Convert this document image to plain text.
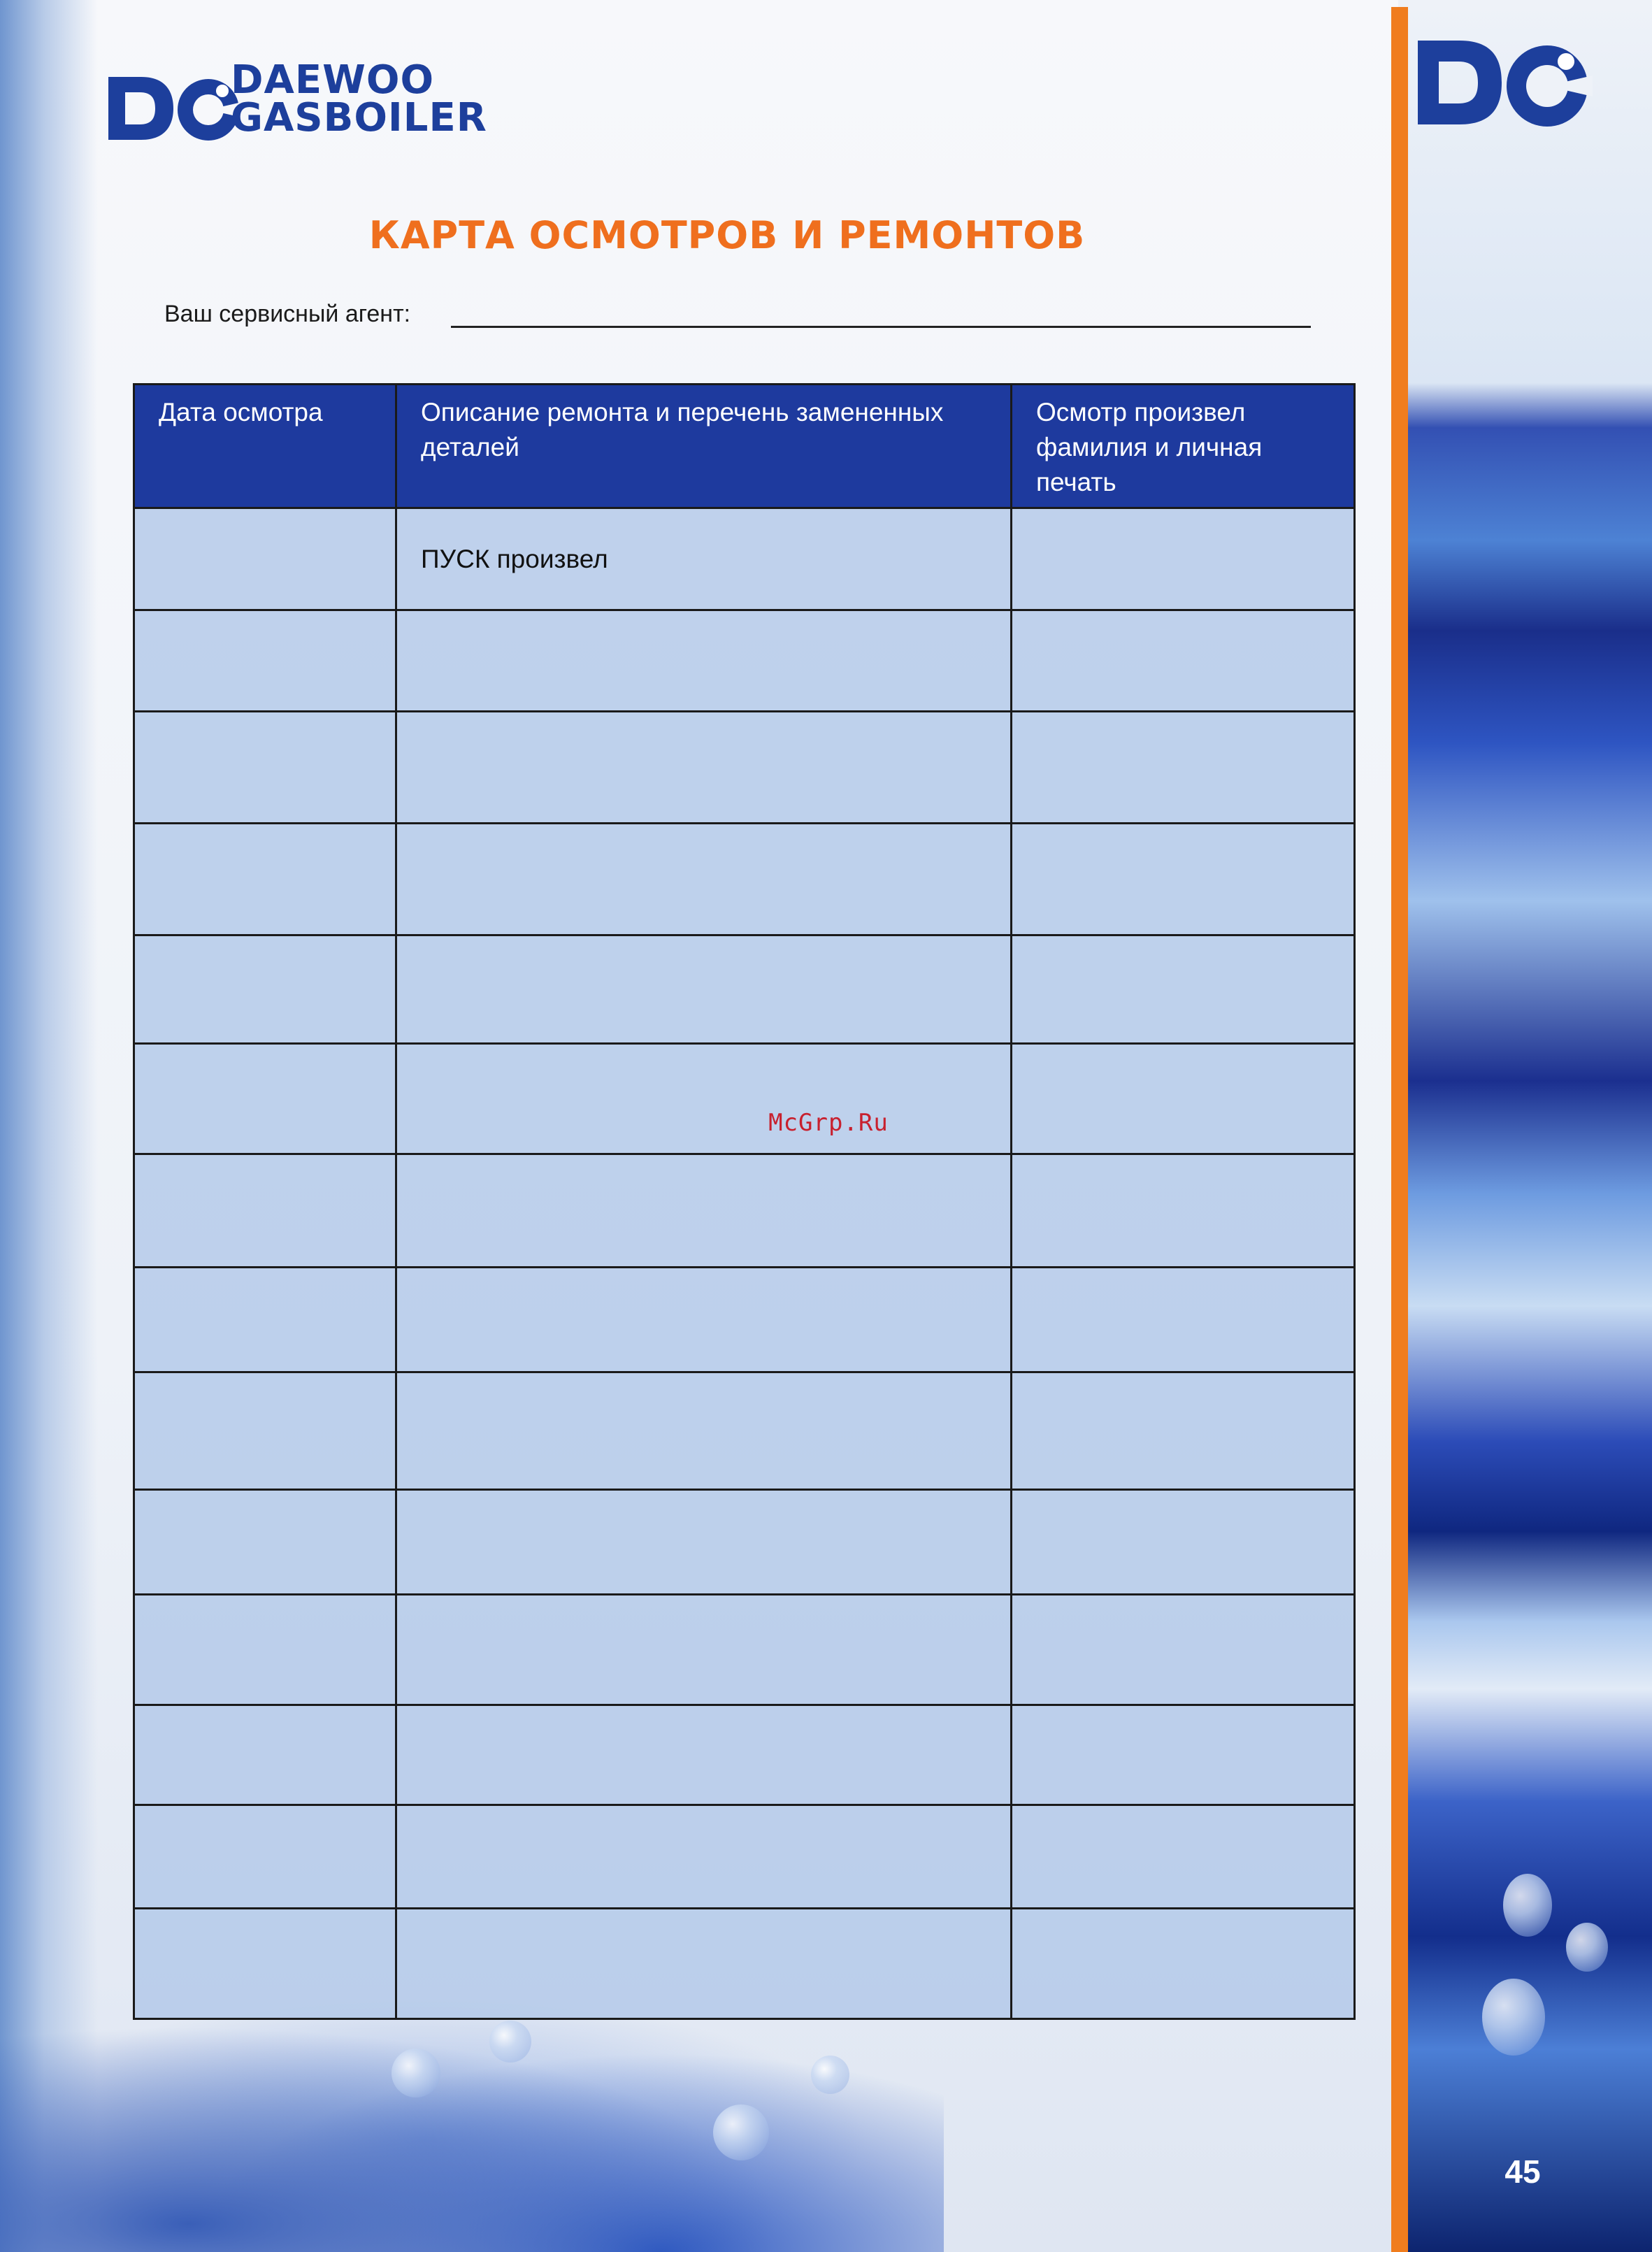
45
DAEWOO
GASBOILER
КАРТА ОСМОТРОВ И РЕМОНТОВ
Ваш сервисный агент:
Дата осмотра	Описание ремонта и перечень замененных деталей	Осмотр произвел фамилия и личная печать
	ПУСК произвел	

McGrp.Ru
